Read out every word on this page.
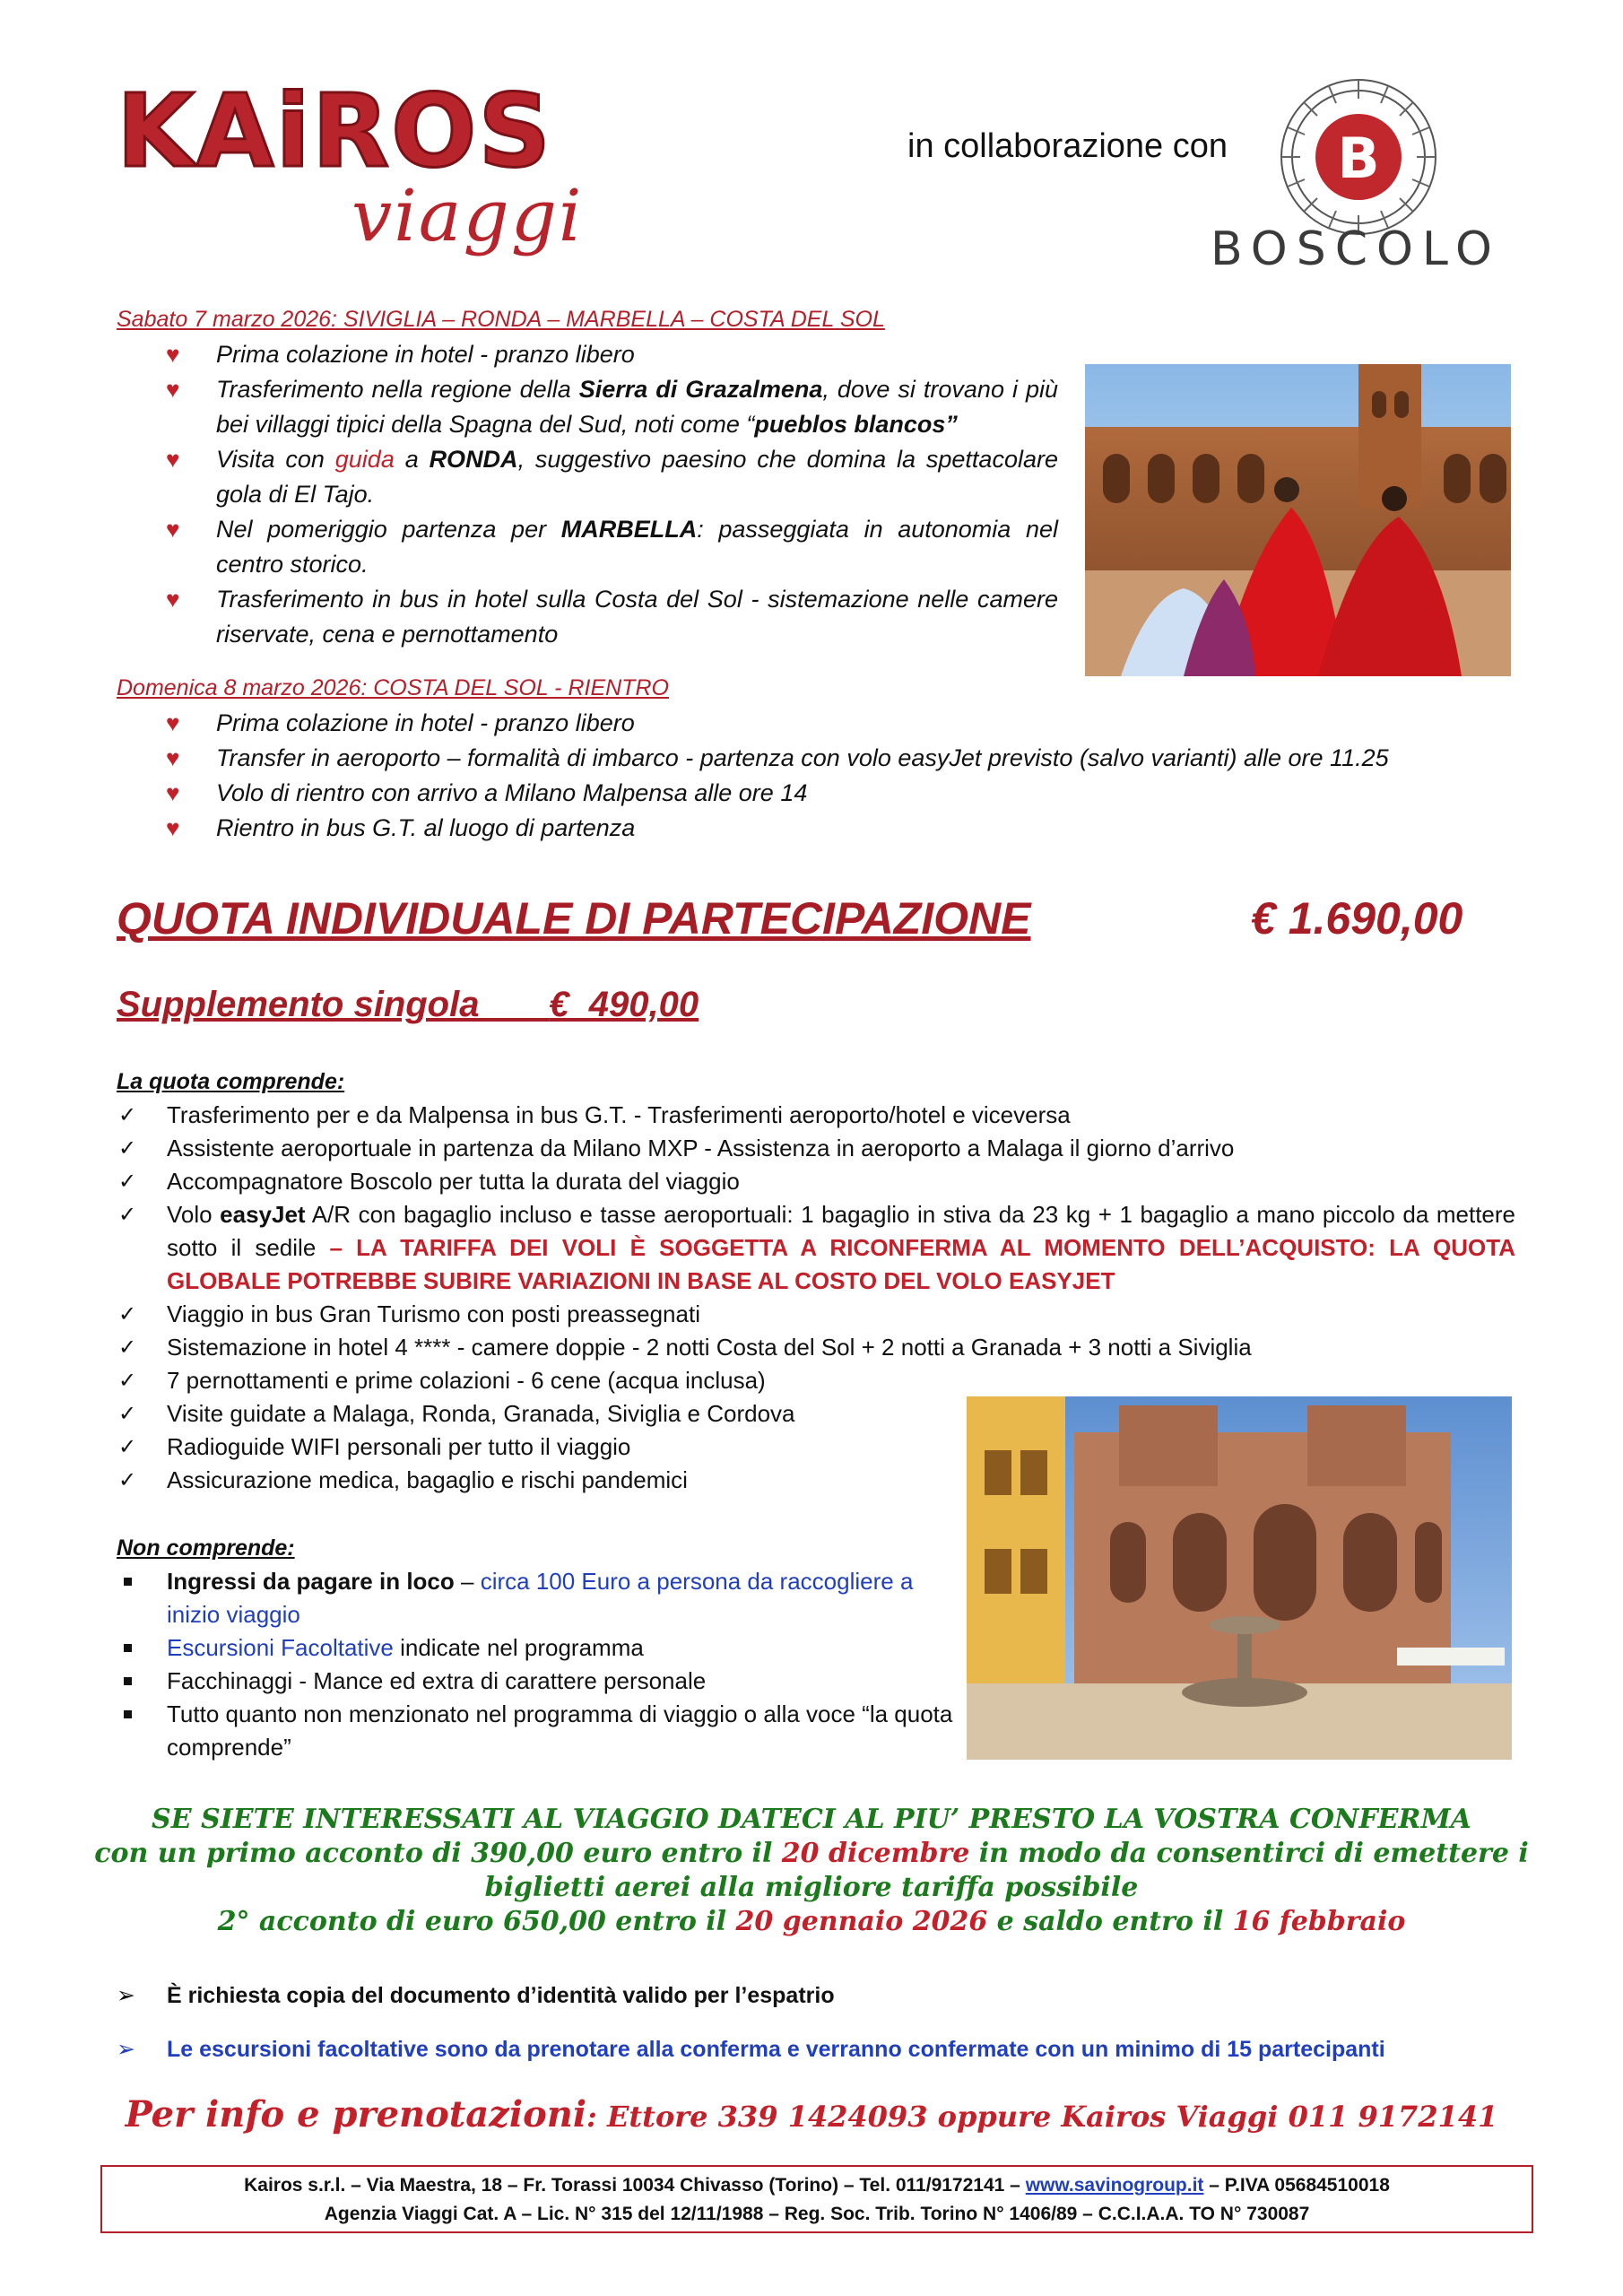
KAiROS
viaggi
in collaborazione con B
BOSCOLO
Sabato 7 marzo 2026: SIVIGLIA – RONDA – MARBELLA – COSTA DEL SOL
♥ Prima colazione in hotel - pranzo libero
♥ Trasferimento nella regione della Sierra di Grazalmena, dove si trovano i più bei villaggi tipici della Spagna del Sud, noti come “pueblos blancos”
♥ Visita con guida a RONDA, suggestivo paesino che domina la spettacolare gola di El Tajo.
♥ Nel pomeriggio partenza per MARBELLA: passeggiata in autonomia nel centro storico.
♥ Trasferimento in bus in hotel sulla Costa del Sol - sistemazione nelle camere riservate, cena e pernottamento
Domenica 8 marzo 2026: COSTA DEL SOL - RIENTRO
♥ Prima colazione in hotel - pranzo libero
♥ Transfer in aeroporto – formalità di imbarco - partenza con volo easyJet previsto (salvo varianti) alle ore 11.25
♥ Volo di rientro con arrivo a Milano Malpensa alle ore 14
♥ Rientro in bus G.T. al luogo di partenza
QUOTA INDIVIDUALE DI PARTECIPAZIONE	€ 1.690,00
Supplemento singola €  490,00
La quota comprende:
✓ Trasferimento per e da Malpensa in bus G.T. - Trasferimenti aeroporto/hotel e viceversa
✓ Assistente aeroportuale in partenza da Milano MXP - Assistenza in aeroporto a Malaga il giorno d’arrivo
✓ Accompagnatore Boscolo per tutta la durata del viaggio
✓ Volo easyJet A/R con bagaglio incluso e tasse aeroportuali: 1 bagaglio in stiva da 23 kg + 1 bagaglio a mano piccolo da mettere sotto il sedile – LA TARIFFA DEI VOLI È SOGGETTA A RICONFERMA AL MOMENTO DELL’ACQUISTO: LA QUOTA GLOBALE POTREBBE SUBIRE VARIAZIONI IN BASE AL COSTO DEL VOLO EASYJET
✓ Viaggio in bus Gran Turismo con posti preassegnati
✓ Sistemazione in hotel 4 **** - camere doppie - 2 notti Costa del Sol + 2 notti a Granada + 3 notti a Siviglia
✓ 7 pernottamenti e prime colazioni - 6 cene (acqua inclusa)
✓ Visite guidate a Malaga, Ronda, Granada, Siviglia e Cordova
✓ Radioguide WIFI personali per tutto il viaggio
✓ Assicurazione medica, bagaglio e rischi pandemici
Non comprende:
Ingressi da pagare in loco – circa 100 Euro a persona da raccogliere a inizio viaggio
Escursioni Facoltative indicate nel programma
Facchinaggi - Mance ed extra di carattere personale
Tutto quanto non menzionato nel programma di viaggio o alla voce “la quota comprende”
SE SIETE INTERESSATI AL VIAGGIO DATECI AL PIU’ PRESTO LA VOSTRA CONFERMA
con un primo acconto di 390,00 euro entro il 20 dicembre in modo da consentirci di emettere i biglietti aerei alla migliore tariffa possibile
2° acconto di euro 650,00 entro il 20 gennaio 2026 e saldo entro il 16 febbraio
➢ È richiesta copia del documento d’identità valido per l’espatrio
➢ Le escursioni facoltative sono da prenotare alla conferma e verranno confermate con un minimo di 15 partecipanti
Per info e prenotazioni: Ettore 339 1424093 oppure Kairos Viaggi 011 9172141
Kairos s.r.l. – Via Maestra, 18 – Fr. Torassi 10034 Chivasso (Torino) – Tel. 011/9172141 – www.savinogroup.it – P.IVA 05684510018
Agenzia Viaggi Cat. A – Lic. N° 315 del 12/11/1988 – Reg. Soc. Trib. Torino N° 1406/89 – C.C.I.A.A. TO N° 730087
